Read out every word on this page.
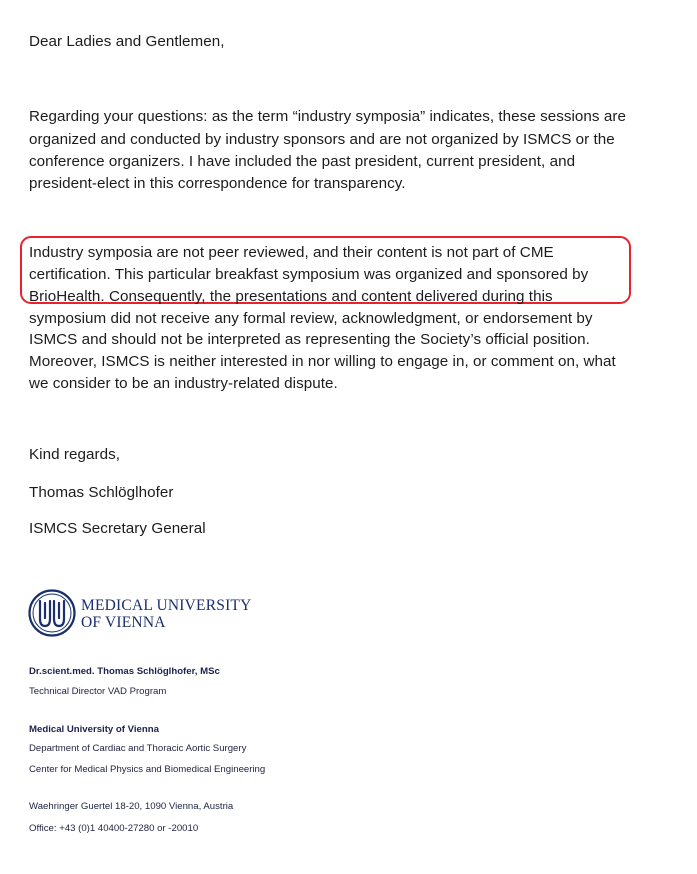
Dear Ladies and Gentlemen,
Regarding your questions: as the term “industry symposia” indicates, these sessions are
organized and conducted by industry sponsors and are not organized by ISMCS or the
conference organizers. I have included the past president, current president, and
president-elect in this correspondence for transparency.
Industry symposia are not peer reviewed, and their content is not part of CME
certification. This particular breakfast symposium was organized and sponsored by
BrioHealth. Consequently, the presentations and content delivered during this
symposium did not receive any formal review, acknowledgment, or endorsement by
ISMCS and should not be interpreted as representing the Society’s official position.
Moreover, ISMCS is neither interested in nor willing to engage in, or comment on, what
we consider to be an industry-related dispute.
Kind regards,
Thomas Schlöglhofer
ISMCS Secretary General
MEDICAL UNIVERSITY
OF VIENNA
Dr.scient.med. Thomas Schlöglhofer, MSc
Technical Director VAD Program
Medical University of Vienna
Department of Cardiac and Thoracic Aortic Surgery
Center for Medical Physics and Biomedical Engineering
Waehringer Guertel 18-20, 1090 Vienna, Austria
Office: +43 (0)1 40400-27280 or -20010
